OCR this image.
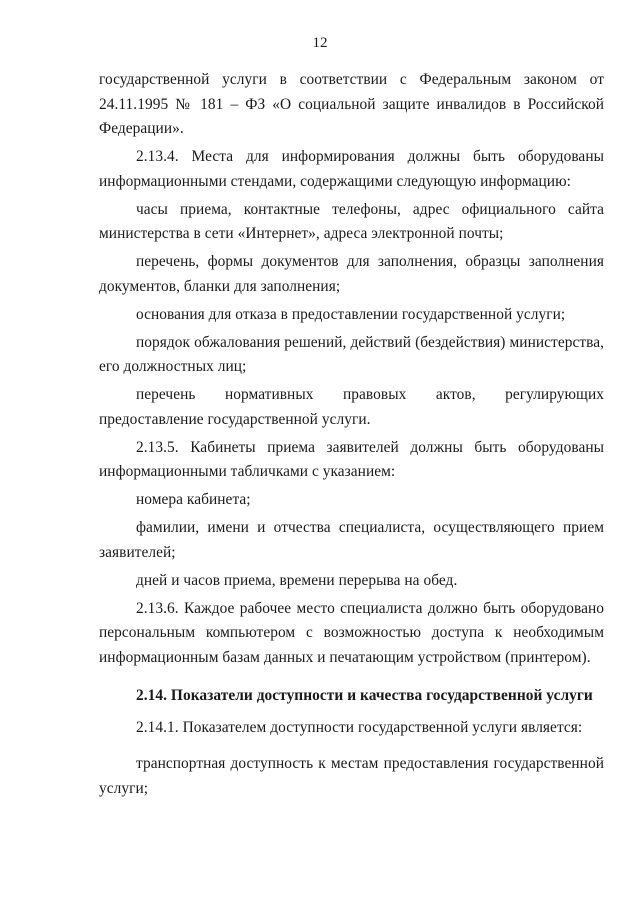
12

государственной услуги в соответствии с Федеральным законом от 24.11.1995 № 181 – ФЗ «О социальной защите инвалидов в Российской Федерации».

2.13.4. Места для информирования должны быть оборудованы информационными стендами, содержащими следующую информацию:

часы приема, контактные телефоны, адрес официального сайта министерства в сети «Интернет», адреса электронной почты;

перечень, формы документов для заполнения, образцы заполнения документов, бланки для заполнения;

основания для отказа в предоставлении государственной услуги;

порядок обжалования решений, действий (бездействия) министерства, его должностных лиц;

перечень нормативных правовых актов, регулирующих предоставление государственной услуги.

2.13.5. Кабинеты приема заявителей должны быть оборудованы информационными табличками с указанием:

номера кабинета;

фамилии, имени и отчества специалиста, осуществляющего прием заявителей;

дней и часов приема, времени перерыва на обед.

2.13.6. Каждое рабочее место специалиста должно быть оборудовано персональным компьютером с возможностью доступа к необходимым информационным базам данных и печатающим устройством (принтером).

2.14. Показатели доступности и качества государственной услуги

2.14.1. Показателем доступности государственной услуги является:

транспортная доступность к местам предоставления государственной услуги;
